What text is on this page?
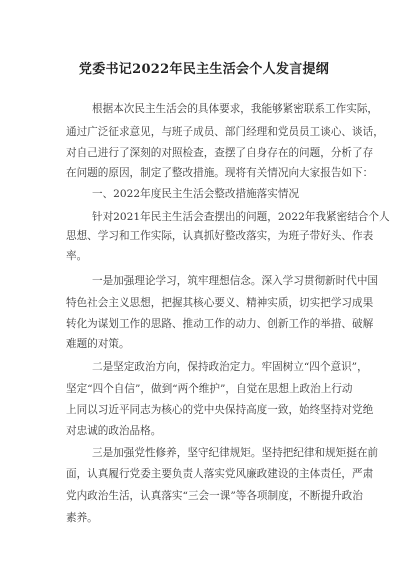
党委书记2022年民主生活会个人发言提纲
根据本次民主生活会的具体要求，我能够紧密联系工作实际，
通过广泛征求意见，与班子成员、部门经理和党员员工谈心、谈话，
对自己进行了深刻的对照检查，查摆了自身存在的问题，分析了存
在问题的原因，制定了整改措施。现将有关情况向大家报告如下：
一、2022年度民主生活会整改措施落实情况
针对2021年民主生活会查摆出的问题，2022年我紧密结合个人
思想、学习和工作实际，认真抓好整改落实，为班子带好头、作表
率。
一是加强理论学习，筑牢理想信念。深入学习贯彻新时代中国
特色社会主义思想，把握其核心要义、精神实质，切实把学习成果
转化为谋划工作的思路、推动工作的动力、创新工作的举措、破解
难题的对策。
二是坚定政治方向，保持政治定力。牢固树立“四个意识”，
坚定“四个自信”，做到“两个维护”，自觉在思想上政治上行动
上同以习近平同志为核心的党中央保持高度一致，始终坚持对党绝
对忠诚的政治品格。
三是加强党性修养，坚守纪律规矩。坚持把纪律和规矩挺在前
面，认真履行党委主要负责人落实党风廉政建设的主体责任，严肃
党内政治生活，认真落实“三会一课”等各项制度，不断提升政治
素养。
